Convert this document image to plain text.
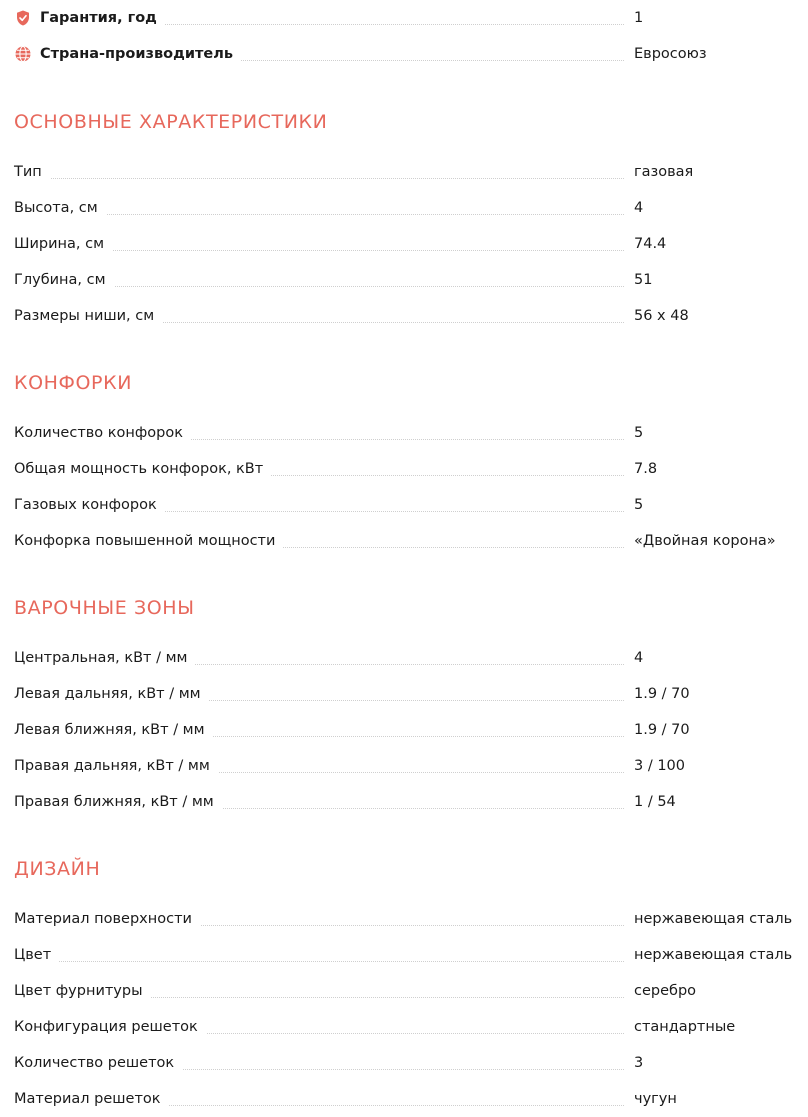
Гарантия, год	1
Страна-производитель	Евросоюз
ОСНОВНЫЕ ХАРАКТЕРИСТИКИ
Тип	газовая
Высота, см	4
Ширина, см	74.4
Глубина, см	51
Размеры ниши, см	56 x 48
КОНФОРКИ
Количество конфорок	5
Общая мощность конфорок, кВт	7.8
Газовых конфорок	5
Конфорка повышенной мощности	«Двойная корона»
ВАРОЧНЫЕ ЗОНЫ
Центральная, кВт / мм	4
Левая дальняя, кВт / мм	1.9 / 70
Левая ближняя, кВт / мм	1.9 / 70
Правая дальняя, кВт / мм	3 / 100
Правая ближняя, кВт / мм	1 / 54
ДИЗАЙН
Материал поверхности	нержавеющая сталь
Цвет	нержавеющая сталь
Цвет фурнитуры	серебро
Конфигурация решеток	стандартные
Количество решеток	3
Материал решеток	чугун
